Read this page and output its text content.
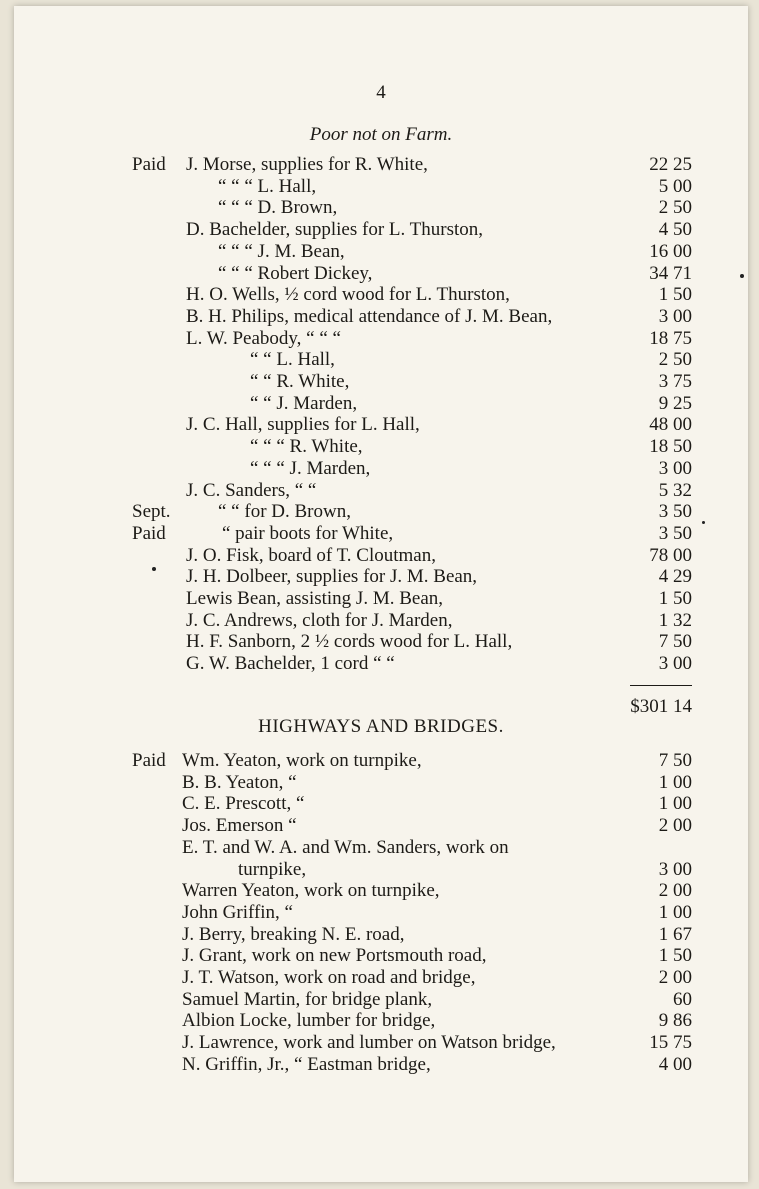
4
Poor not on Farm.
Paid J. Morse, supplies for R. White,	22 25
“ “ “ L. Hall,	5 00
“ “ “ D. Brown,	2 50
D. Bachelder, supplies for L. Thurston,	4 50
“ “ “ J. M. Bean,	16 00
“ “ “ Robert Dickey,	34 71
H. O. Wells, ½ cord wood for L. Thurston,	1 50
B. H. Philips, medical attendance of J. M. Bean,	3 00
L. W. Peabody, “ “ “	18 75
“ “ L. Hall,	2 50
“ “ R. White,	3 75
“ “ J. Marden,	9 25
J. C. Hall, supplies for L. Hall,	48 00
“ “ “ R. White,	18 50
“ “ “ J. Marden,	3 00
J. C. Sanders, “ “	5 32
Sept. “ “ for D. Brown,	3 50
Paid	“ pair boots for White,	3 50
J. O. Fisk, board of T. Cloutman,	78 00
J. H. Dolbeer, supplies for J. M. Bean,	4 29
Lewis Bean, assisting J. M. Bean,	1 50
J. C. Andrews, cloth for J. Marden,	1 32
H. F. Sanborn, 2 ½ cords wood for L. Hall,	7 50
G. W. Bachelder, 1 cord “ “	3 00
$301 14
HIGHWAYS AND BRIDGES.
Paid Wm. Yeaton, work on turnpike,	7 50
B. B. Yeaton, “	1 00
C. E. Prescott, “	1 00
Jos. Emerson “	2 00
E. T. and W. A. and Wm. Sanders, work on
turnpike,	3 00
Warren Yeaton, work on turnpike,	2 00
John Griffin, “	1 00
J. Berry, breaking N. E. road,	1 67
J. Grant, work on new Portsmouth road,	1 50
J. T. Watson, work on road and bridge,	2 00
Samuel Martin, for bridge plank,	60
Albion Locke, lumber for bridge,	9 86
J. Lawrence, work and lumber on Watson bridge,	15 75
N. Griffin, Jr., “ Eastman bridge,	4 00
